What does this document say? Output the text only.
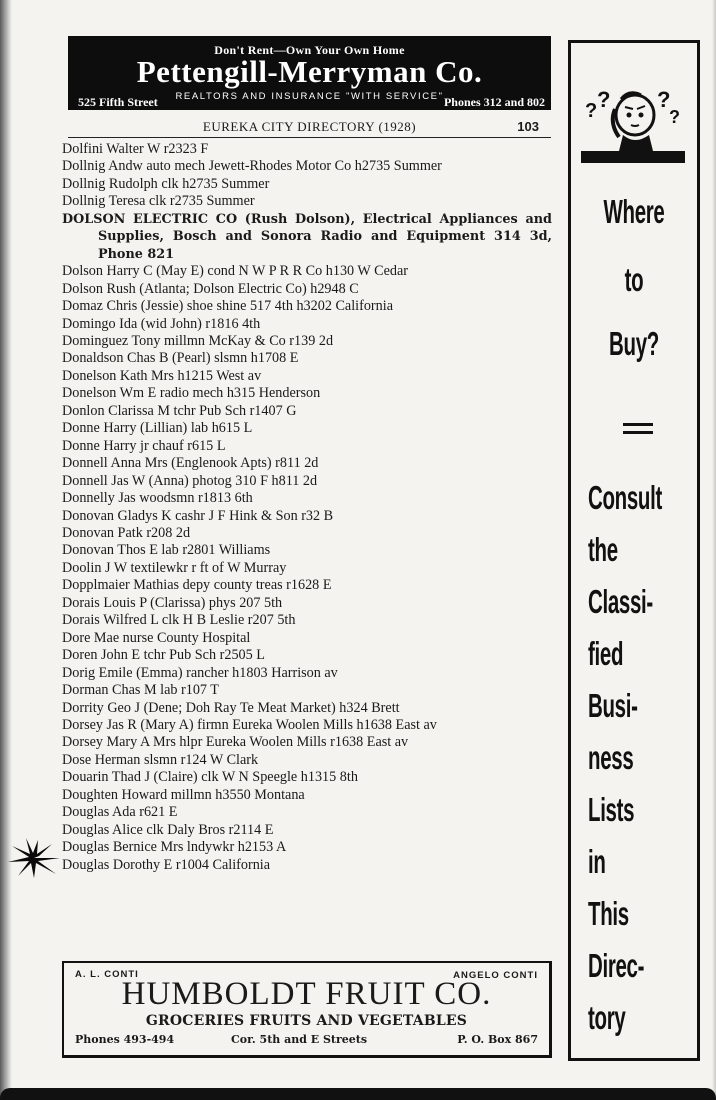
Don't Rent—Own Your Own Home
Pettengill-Merryman Co.
REALTORS AND INSURANCE "WITH SERVICE"
525 Fifth Street	Phones 312 and 802
EUREKA CITY DIRECTORY (1928)	103
Dolfini Walter W r2323 F
Dollnig Andw auto mech Jewett-Rhodes Motor Co h2735 Summer
Dollnig Rudolph clk h2735 Summer
Dollnig Teresa clk r2735 Summer
DOLSON ELECTRIC CO (Rush Dolson), Electrical Appliances and Supplies, Bosch and Sonora Radio and Equipment 314 3d, Phone 821
Dolson Harry C (May E) cond N W P R R Co h130 W Cedar
Dolson Rush (Atlanta; Dolson Electric Co) h2948 C
Domaz Chris (Jessie) shoe shine 517 4th h3202 California
Domingo Ida (wid John) r1816 4th
Dominguez Tony millmn McKay & Co r139 2d
Donaldson Chas B (Pearl) slsmn h1708 E
Donelson Kath Mrs h1215 West av
Donelson Wm E radio mech h315 Henderson
Donlon Clarissa M tchr Pub Sch r1407 G
Donne Harry (Lillian) lab h615 L
Donne Harry jr chauf r615 L
Donnell Anna Mrs (Englenook Apts) r811 2d
Donnell Jas W (Anna) photog 310 F h811 2d
Donnelly Jas woodsmn r1813 6th
Donovan Gladys K cashr J F Hink & Son r32 B
Donovan Patk r208 2d
Donovan Thos E lab r2801 Williams
Doolin J W textilewkr r ft of W Murray
Dopplmaier Mathias depy county treas r1628 E
Dorais Louis P (Clarissa) phys 207 5th
Dorais Wilfred L clk H B Leslie r207 5th
Dore Mae nurse County Hospital
Doren John E tchr Pub Sch r2505 L
Dorig Emile (Emma) rancher h1803 Harrison av
Dorman Chas M lab r107 T
Dorrity Geo J (Dene; Doh Ray Te Meat Market) h324 Brett
Dorsey Jas R (Mary A) firmn Eureka Woolen Mills h1638 East av
Dorsey Mary A Mrs hlpr Eureka Woolen Mills r1638 East av
Dose Herman slsmn r124 W Clark
Douarin Thad J (Claire) clk W N Speegle h1315 8th
Doughten Howard millmn h3550 Montana
Douglas Ada r621 E
Douglas Alice clk Daly Bros r2114 E
Douglas Bernice Mrs lndywkr h2153 A
Douglas Dorothy E r1004 California
A. L. CONTI	ANGELO CONTI
HUMBOLDT FRUIT CO.
GROCERIES FRUITS AND VEGETABLES
Phones 493-494	Cor. 5th and E Streets	P. O. Box 867
? ? ?
?
Where
to
Buy?
Consult
the
Classi-
fied
Busi-
ness
Lists
in
This
Direc-
tory
